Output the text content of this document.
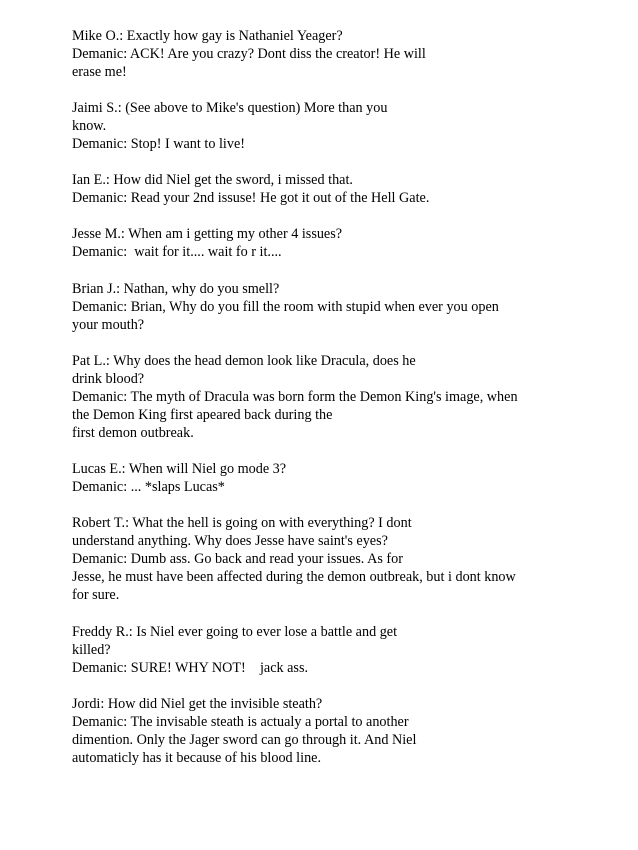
Mike O.: Exactly how gay is Nathaniel Yeager?
Demanic: ACK! Are you crazy? Dont diss the creator! He will
erase me!
Jaimi S.: (See above to Mike's question) More than you
know.
Demanic: Stop! I want to live!
Ian E.: How did Niel get the sword, i missed that.
Demanic: Read your 2nd issuse! He got it out of the Hell Gate.
Jesse M.: When am i getting my other 4 issues?
Demanic:  wait for it.... wait fo r it....
Brian J.: Nathan, why do you smell?
Demanic: Brian, Why do you fill the room with stupid when ever you open
your mouth?
Pat L.: Why does the head demon look like Dracula, does he
drink blood?
Demanic: The myth of Dracula was born form the Demon King's image, when
the Demon King first apeared back during the
first demon outbreak.
Lucas E.: When will Niel go mode 3?
Demanic: ... *slaps Lucas*
Robert T.: What the hell is going on with everything? I dont
understand anything. Why does Jesse have saint's eyes?
Demanic: Dumb ass. Go back and read your issues. As for
Jesse, he must have been affected during the demon outbreak, but i dont know
for sure.
Freddy R.: Is Niel ever going to ever lose a battle and get
killed?
Demanic: SURE! WHY NOT!    jack ass.
Jordi: How did Niel get the invisible steath?
Demanic: The invisable steath is actualy a portal to another
dimention. Only the Jager sword can go through it. And Niel
automaticly has it because of his blood line.
